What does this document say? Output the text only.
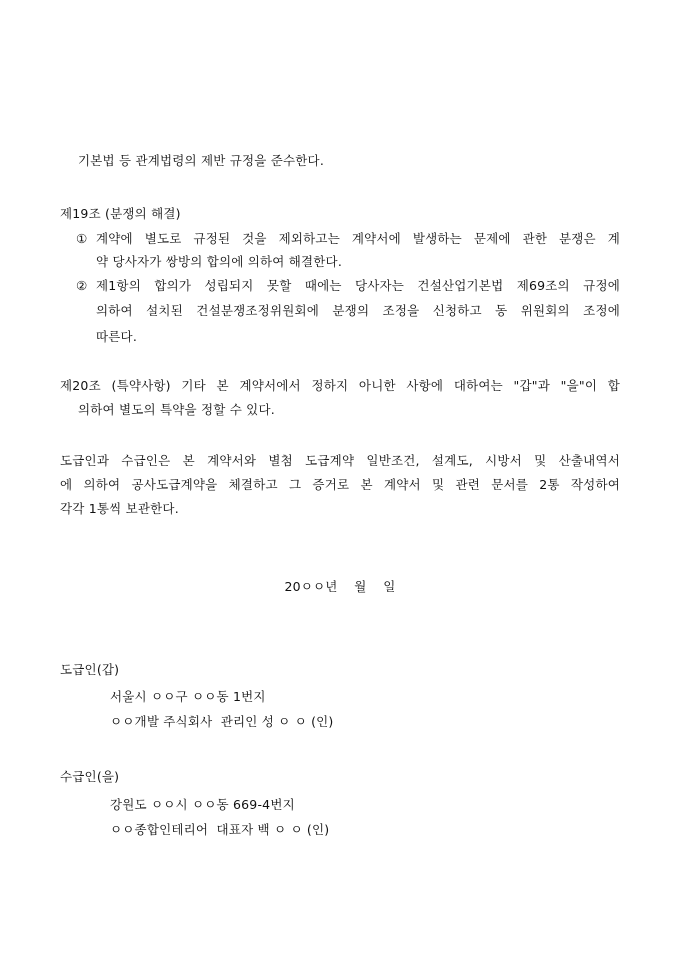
기본법 등 관계법령의 제반 규정을 준수한다.
제19조 (분쟁의 해결)
① 계약에 별도로 규정된 것을 제외하고는 계약서에 발생하는 문제에 관한 분쟁은 계
약 당사자가 쌍방의 합의에 의하여 해결한다.
② 제1항의 합의가 성립되지 못할 때에는 당사자는 건설산업기본법 제69조의 규정에
의하여 설치된 건설분쟁조정위원회에 분쟁의 조정을 신청하고 동 위원회의 조정에
따른다.
제20조 (특약사항) 기타 본 계약서에서 정하지 아니한 사항에 대하여는 "갑"과 "을"이 합
의하여 별도의 특약을 정할 수 있다.
도급인과 수급인은 본 계약서와 별첨 도급계약 일반조건, 설계도, 시방서 및 산출내역서
에 의하여 공사도급계약을 체결하고 그 증거로 본 계약서 및 관련 문서를 2통 작성하여
각각 1통씩 보관한다.
20ㅇㅇ년    월    일
도급인(갑)
서울시 ㅇㅇ구 ㅇㅇ동 1번지
ㅇㅇ개발 주식회사  관리인 성 ㅇ ㅇ (인)
수급인(을)
강원도 ㅇㅇ시 ㅇㅇ동 669-4번지
ㅇㅇ종합인테리어  대표자 백 ㅇ ㅇ (인)
